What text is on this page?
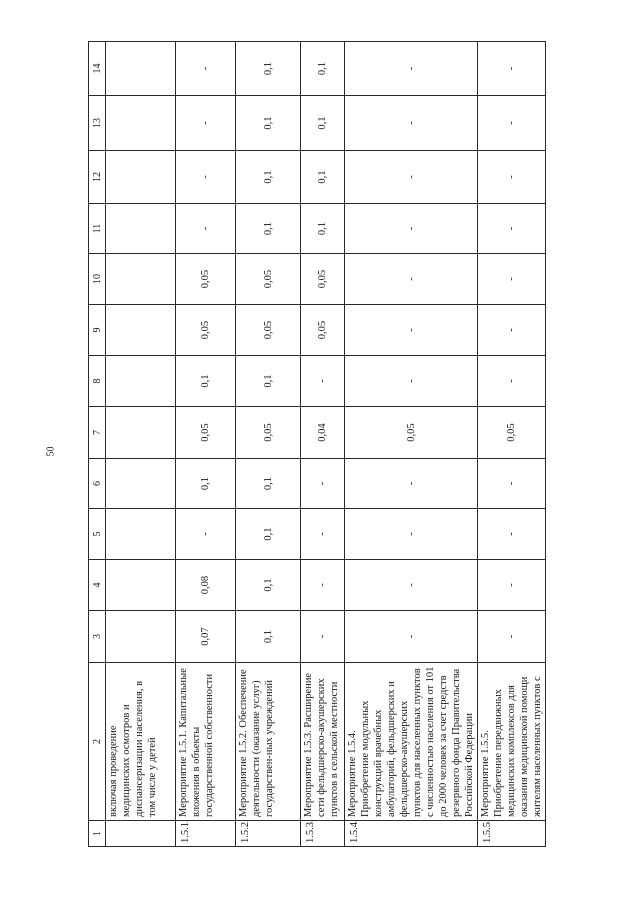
50
1	2	3	4	5	6	7	8	9	10	11	12	13	14
	включая проведение медицинских осмотров и диспансеризации населения, в том числе у детей												
1.5.1.	Мероприятие 1.5.1. Капитальные вложения в объекты государственной собственности	0,07	0,08	-	0,1	0,05	0,1	0,05	0,05	-	-	-	-
1.5.2.	Мероприятие 1.5.2. Обеспечение деятельности (оказание услуг) государствен-ных учреждений	0,1	0,1	0,1	0,1	0,05	0,1	0,05	0,05	0,1	0,1	0,1	0,1
1.5.3.	Мероприятие 1.5.3. Расширение сети фельдшерско-акушерских пунктов в сельской местности	-	-	-	-	0,04	-	0,05	0,05	0,1	0,1	0,1	0,1
1.5.4.	Мероприятие 1.5.4. Приобретение модульных конструкций врачебных амбулаторий, фельдшерских и фельдшерско-акушерских пунктов для населенных пунктов с численностью населения от 101 до 2000 человек за счет средств резервного фонда Правительства Российской Федерации	-	-	-	-	0,05	-	-	-	-	-	-	-
1.5.5.	Мероприятие 1.5.5. Приобретение передвижных медицинских комплексов для оказания медицинской помощи жителям населенных пунктов с	-	-	-	-	0,05	-	-	-	-	-	-	-
